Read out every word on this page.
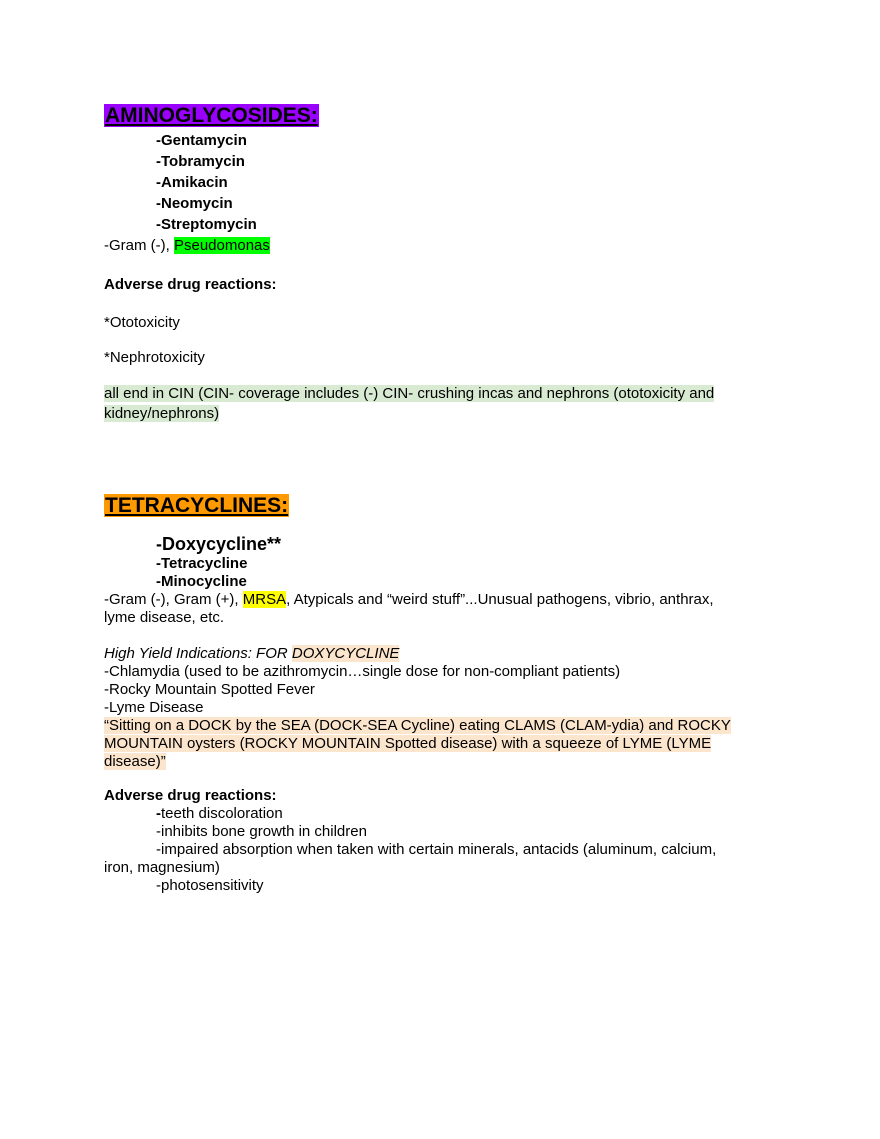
AMINOGLYCOSIDES:
-Gentamycin
-Tobramycin
-Amikacin
-Neomycin
-Streptomycin
-Gram (-), Pseudomonas
Adverse drug reactions:
*Ototoxicity
*Nephrotoxicity
all end in CIN (CIN- coverage includes (-) CIN- crushing incas and nephrons (ototoxicity and kidney/nephrons)
TETRACYCLINES:
-Doxycycline**
-Tetracycline
-Minocycline
-Gram (-), Gram (+), MRSA, Atypicals and “weird stuff”...Unusual pathogens, vibrio, anthrax,
lyme disease, etc.
High Yield Indications: FOR DOXYCYCLINE
-Chlamydia (used to be azithromycin…single dose for non-compliant patients)
-Rocky Mountain Spotted Fever
-Lyme Disease
“Sitting on a DOCK by the SEA (DOCK-SEA Cycline) eating CLAMS (CLAM-ydia) and ROCKY
MOUNTAIN oysters (ROCKY MOUNTAIN Spotted disease) with a squeeze of LYME (LYME
disease)”
Adverse drug reactions:
-teeth discoloration
-inhibits bone growth in children
-impaired absorption when taken with certain minerals, antacids (aluminum, calcium,
iron, magnesium)
-photosensitivity
